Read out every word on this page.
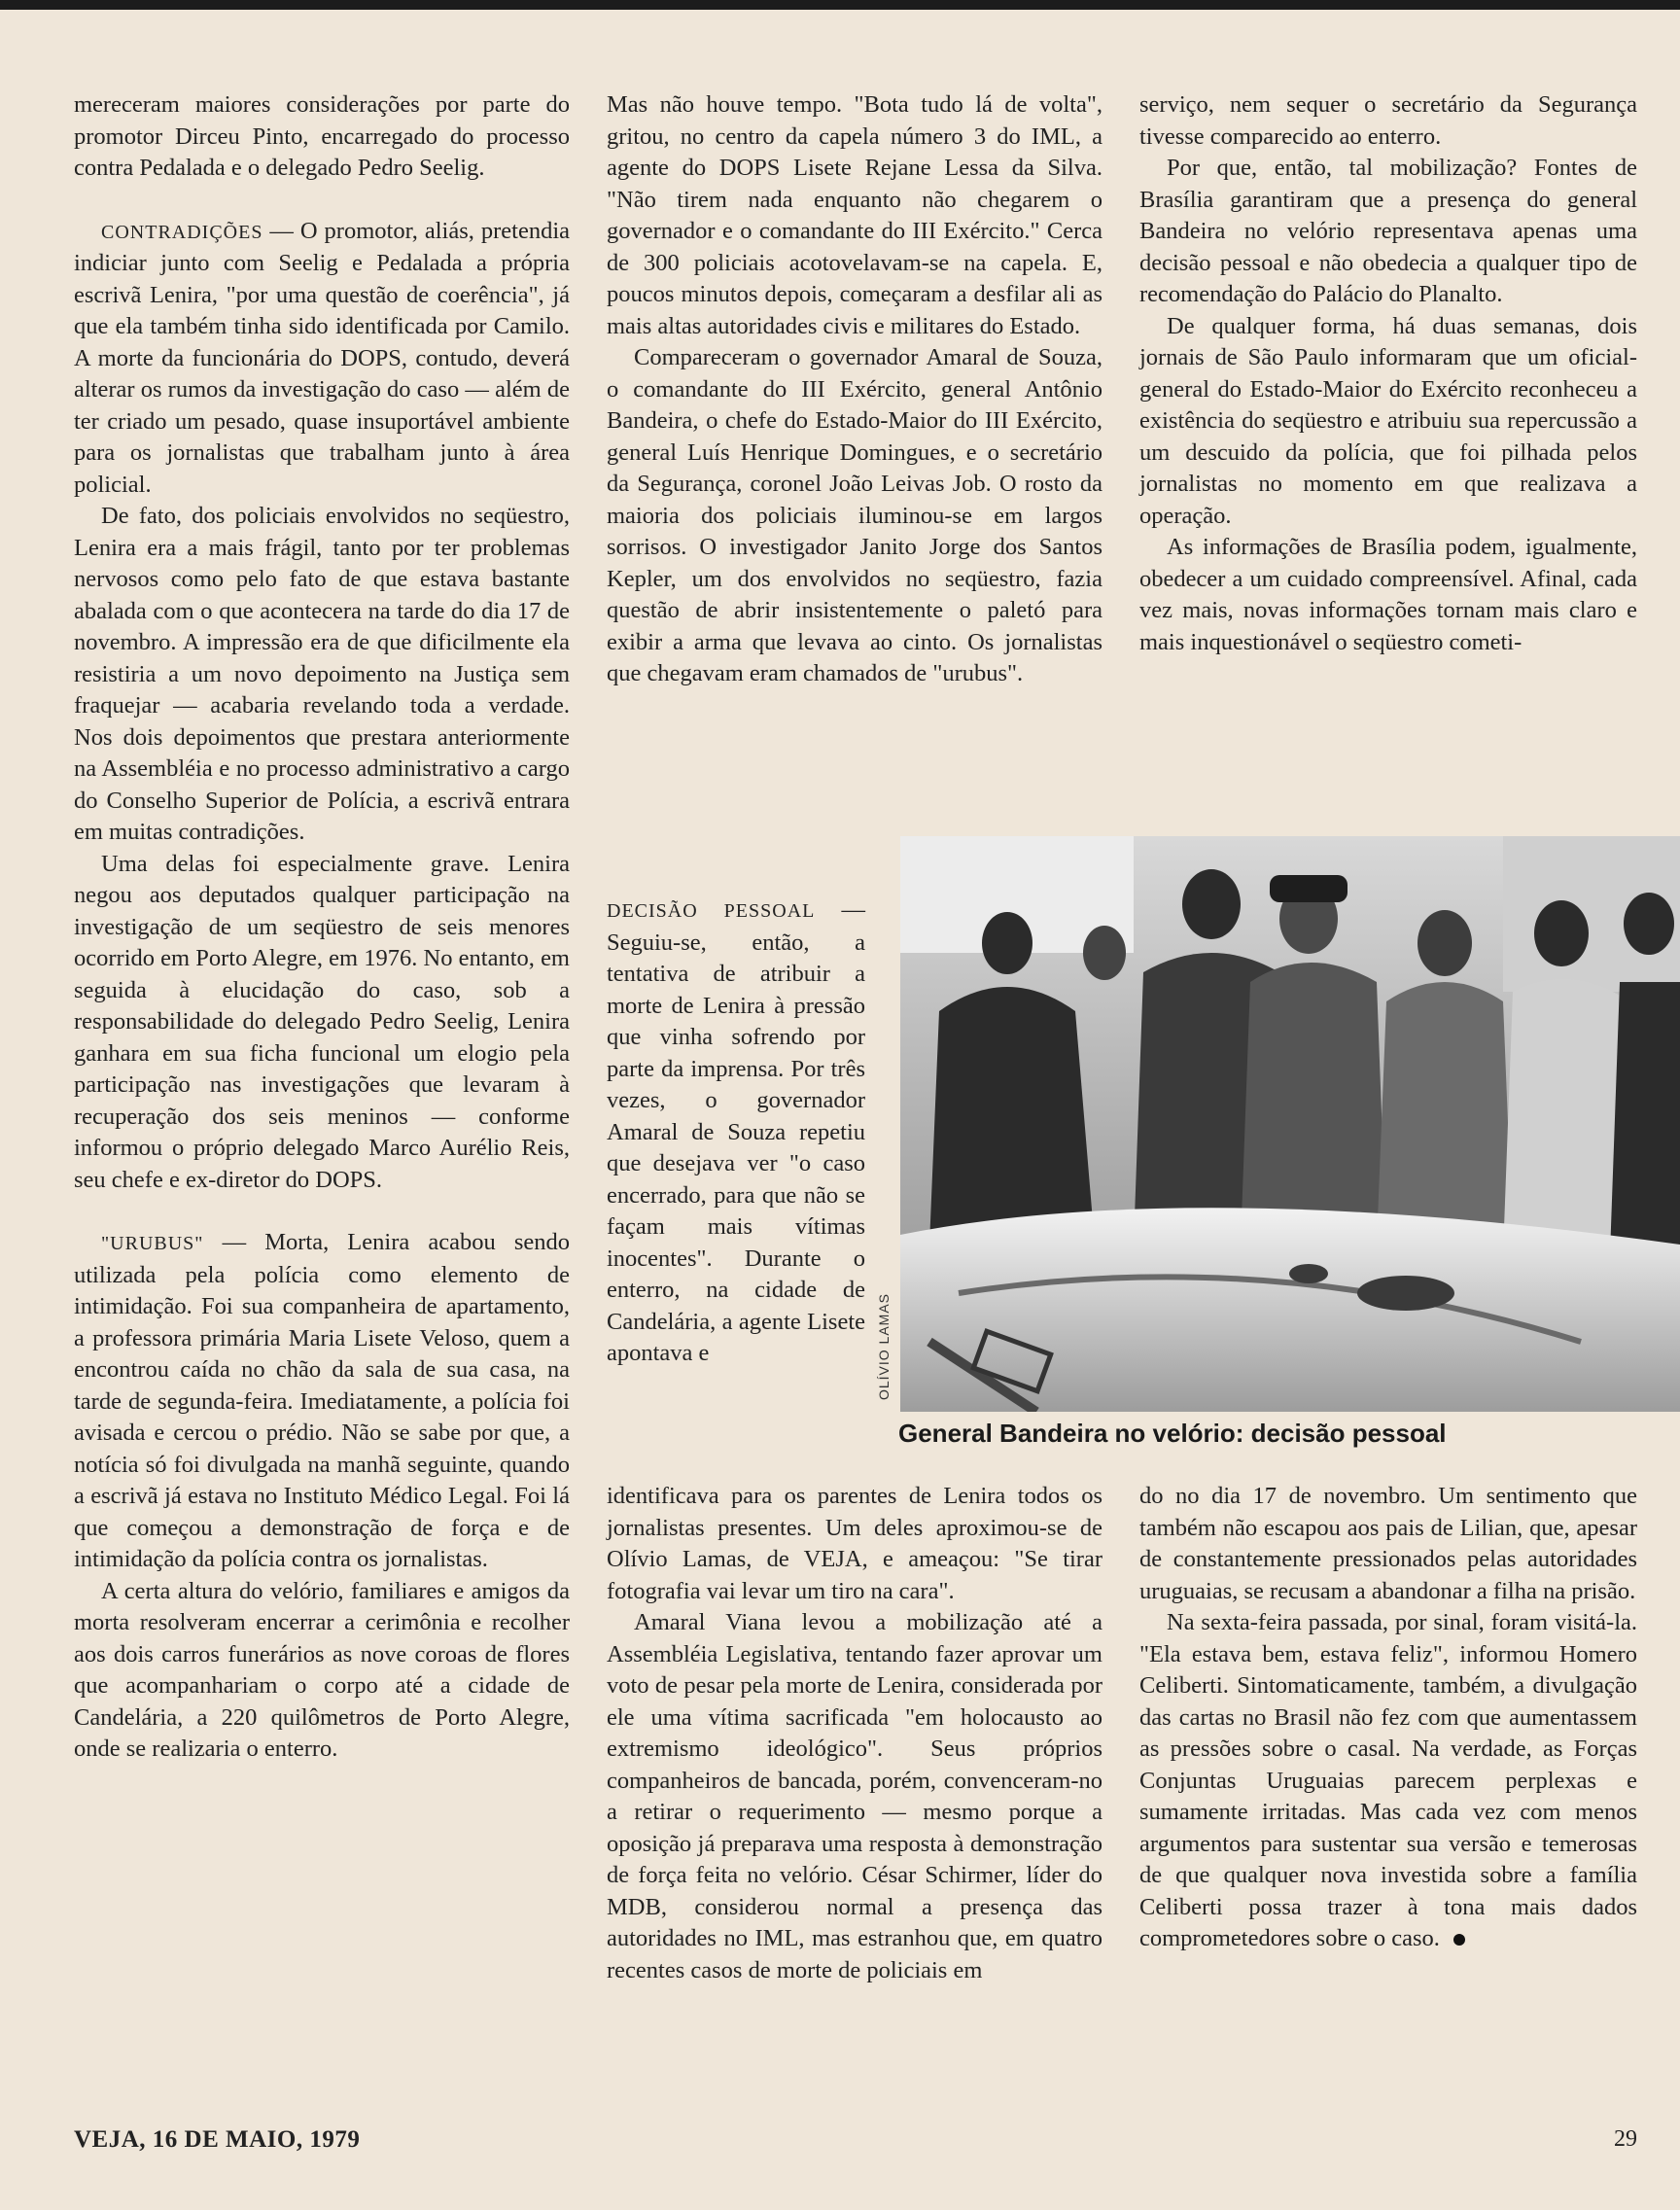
mereceram maiores considerações por parte do promotor Dirceu Pinto, encarregado do processo contra Pedalada e o delegado Pedro Seelig.

CONTRADIÇÕES — O promotor, aliás, pretendia indiciar junto com Seelig e Pedalada a própria escrivã Lenira, "por uma questão de coerência", já que ela também tinha sido identificada por Camilo. A morte da funcionária do DOPS, contudo, deverá alterar os rumos da investigação do caso — além de ter criado um pesado, quase insuportável ambiente para os jornalistas que trabalham junto à área policial.

De fato, dos policiais envolvidos no seqüestro, Lenira era a mais frágil, tanto por ter problemas nervosos como pelo fato de que estava bastante abalada com o que acontecera na tarde do dia 17 de novembro. A impressão era de que dificilmente ela resistiria a um novo depoimento na Justiça sem fraquejar — acabaria revelando toda a verdade. Nos dois depoimentos que prestara anteriormente na Assembléia e no processo administrativo a cargo do Conselho Superior de Polícia, a escrivã entrara em muitas contradições.

Uma delas foi especialmente grave. Lenira negou aos deputados qualquer participação na investigação de um seqüestro de seis menores ocorrido em Porto Alegre, em 1976. No entanto, em seguida à elucidação do caso, sob a responsabilidade do delegado Pedro Seelig, Lenira ganhara em sua ficha funcional um elogio pela participação nas investigações que levaram à recuperação dos seis meninos — conforme informou o próprio delegado Marco Aurélio Reis, seu chefe e ex-diretor do DOPS.

"URUBUS" — Morta, Lenira acabou sendo utilizada pela polícia como elemento de intimidação. Foi sua companheira de apartamento, a professora primária Maria Lisete Veloso, quem a encontrou caída no chão da sala de sua casa, na tarde de segunda-feira. Imediatamente, a polícia foi avisada e cercou o prédio. Não se sabe por que, a notícia só foi divulgada na manhã seguinte, quando a escrivã já estava no Instituto Médico Legal. Foi lá que começou a demonstração de força e de intimidação da polícia contra os jornalistas.

A certa altura do velório, familiares e amigos da morta resolveram encerrar a cerimônia e recolher aos dois carros funerários as nove coroas de flores que acompanhariam o corpo até a cidade de Candelária, a 220 quilômetros de Porto Alegre, onde se realizaria o enterro.

Mas não houve tempo. "Bota tudo lá de volta", gritou, no centro da capela número 3 do IML, a agente do DOPS Lisete Rejane Lessa da Silva. "Não tirem nada enquanto não chegarem o governador e o comandante do III Exército." Cerca de 300 policiais acotovelavam-se na capela. E, poucos minutos depois, começaram a desfilar ali as mais altas autoridades civis e militares do Estado.

Compareceram o governador Amaral de Souza, o comandante do III Exército, general Antônio Bandeira, o chefe do Estado-Maior do III Exército, general Luís Henrique Domingues, e o secretário da Segurança, coronel João Leivas Job. O rosto da maioria dos policiais iluminou-se em largos sorrisos. O investigador Janito Jorge dos Santos Kepler, um dos envolvidos no seqüestro, fazia questão de abrir insistentemente o paletó para exibir a arma que levava ao cinto. Os jornalistas que chegavam eram chamados de "urubus".

DECISÃO PESSOAL — Seguiu-se, então, a tentativa de atribuir a morte de Lenira à pressão que vinha sofrendo por parte da imprensa. Por três vezes, o governador Amaral de Souza repetiu que desejava ver "o caso encerrado, para que não se façam mais vítimas inocentes". Durante o enterro, na cidade de Candelária, a agente Lisete apontava e

identificava para os parentes de Lenira todos os jornalistas presentes. Um deles aproximou-se de Olívio Lamas, de VEJA, e ameaçou: "Se tirar fotografia vai levar um tiro na cara".

Amaral Viana levou a mobilização até a Assembléia Legislativa, tentando fazer aprovar um voto de pesar pela morte de Lenira, considerada por ele uma vítima sacrificada "em holocausto ao extremismo ideológico". Seus próprios companheiros de bancada, porém, convenceram-no a retirar o requerimento — mesmo porque a oposição já preparava uma resposta à demonstração de força feita no velório. César Schirmer, líder do MDB, considerou normal a presença das autoridades no IML, mas estranhou que, em quatro recentes casos de morte de policiais em

serviço, nem sequer o secretário da Segurança tivesse comparecido ao enterro.

Por que, então, tal mobilização? Fontes de Brasília garantiram que a presença do general Bandeira no velório representava apenas uma decisão pessoal e não obedecia a qualquer tipo de recomendação do Palácio do Planalto.

De qualquer forma, há duas semanas, dois jornais de São Paulo informaram que um oficial-general do Estado-Maior do Exército reconheceu a existência do seqüestro e atribuiu sua repercussão a um descuido da polícia, que foi pilhada pelos jornalistas no momento em que realizava a operação.

As informações de Brasília podem, igualmente, obedecer a um cuidado compreensível. Afinal, cada vez mais, novas informações tornam mais claro e mais inquestionável o seqüestro cometi-

do no dia 17 de novembro. Um sentimento que também não escapou aos pais de Lilian, que, apesar de constantemente pressionados pelas autoridades uruguaias, se recusam a abandonar a filha na prisão.

Na sexta-feira passada, por sinal, foram visitá-la. "Ela estava bem, estava feliz", informou Homero Celiberti. Sintomaticamente, também, a divulgação das cartas no Brasil não fez com que aumentassem as pressões sobre o casal. Na verdade, as Forças Conjuntas Uruguaias parecem perplexas e sumamente irritadas. Mas cada vez com menos argumentos para sustentar sua versão e temerosas de que qualquer nova investida sobre a família Celiberti possa trazer à tona mais dados comprometedores sobre o caso.

OLÍVIO LAMAS
General Bandeira no velório: decisão pessoal
VEJA, 16 DE MAIO, 1979	29
